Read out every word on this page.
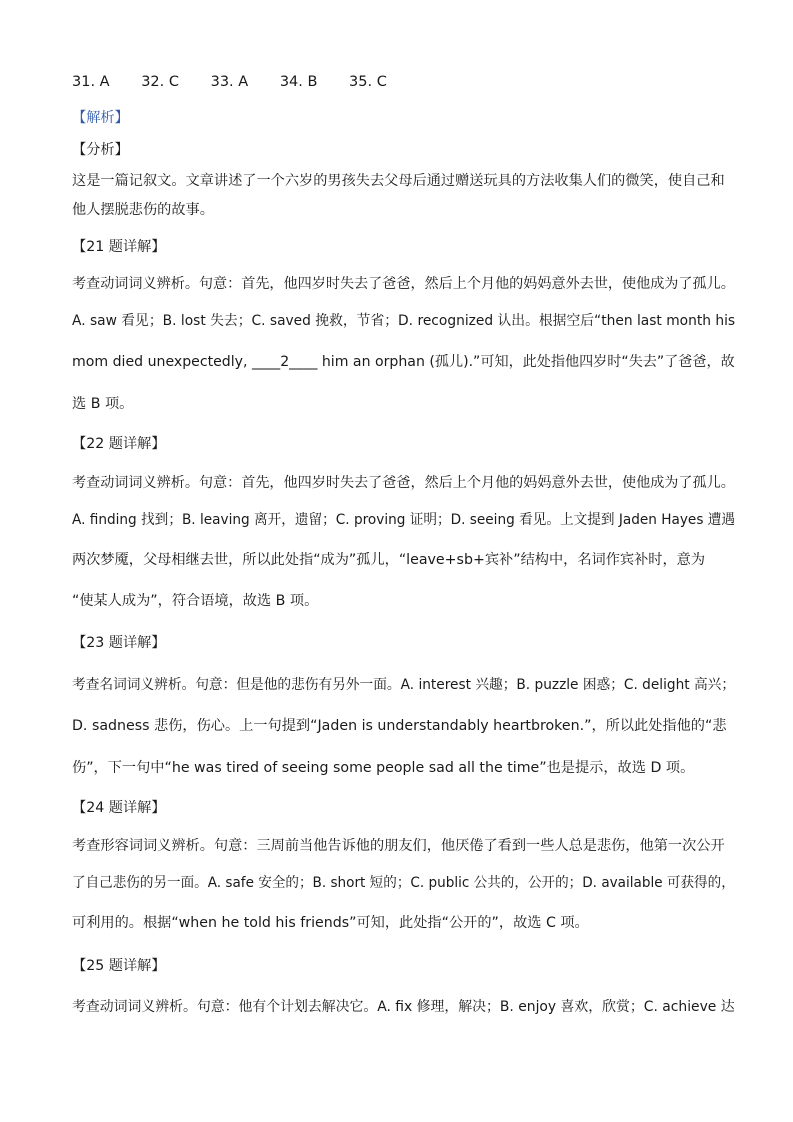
31. A 32. C 33. A 34. B 35. C
【解析】
【分析】
这是一篇记叙文。文章讲述了一个六岁的男孩失去父母后通过赠送玩具的方法收集人们的微笑，使自己和
他人摆脱悲伤的故事。
【21 题详解】
考查动词词义辨析。句意：首先，他四岁时失去了爸爸，然后上个月他的妈妈意外去世，使他成为了孤儿。
A. saw 看见；B. lost 失去；C. saved 挽救，节省；D. recognized 认出。根据空后“then last month his
mom died unexpectedly, ____2____ him an orphan (孤儿).”可知，此处指他四岁时“失去”了爸爸，故
选 B 项。
【22 题详解】
考查动词词义辨析。句意：首先，他四岁时失去了爸爸，然后上个月他的妈妈意外去世，使他成为了孤儿。
A. finding 找到；B. leaving 离开，遗留；C. proving 证明；D. seeing 看见。上文提到 Jaden Hayes 遭遇
两次梦魇，父母相继去世，所以此处指“成为”孤儿，“leave+sb+宾补”结构中，名词作宾补时，意为
“使某人成为”，符合语境，故选 B 项。
【23 题详解】
考查名词词义辨析。句意：但是他的悲伤有另外一面。A. interest 兴趣；B. puzzle 困惑；C. delight 高兴；
D. sadness 悲伤，伤心。上一句提到“Jaden is understandably heartbroken.”，所以此处指他的“悲
伤”，下一句中“he was tired of seeing some people sad all the time”也是提示，故选 D 项。
【24 题详解】
考查形容词词义辨析。句意：三周前当他告诉他的朋友们，他厌倦了看到一些人总是悲伤，他第一次公开
了自己悲伤的另一面。A. safe 安全的；B. short 短的；C. public 公共的，公开的；D. available 可获得的，
可利用的。根据“when he told his friends”可知，此处指“公开的”，故选 C 项。
【25 题详解】
考查动词词义辨析。句意：他有个计划去解决它。A. fix 修理，解决；B. enjoy 喜欢，欣赏；C. achieve 达
